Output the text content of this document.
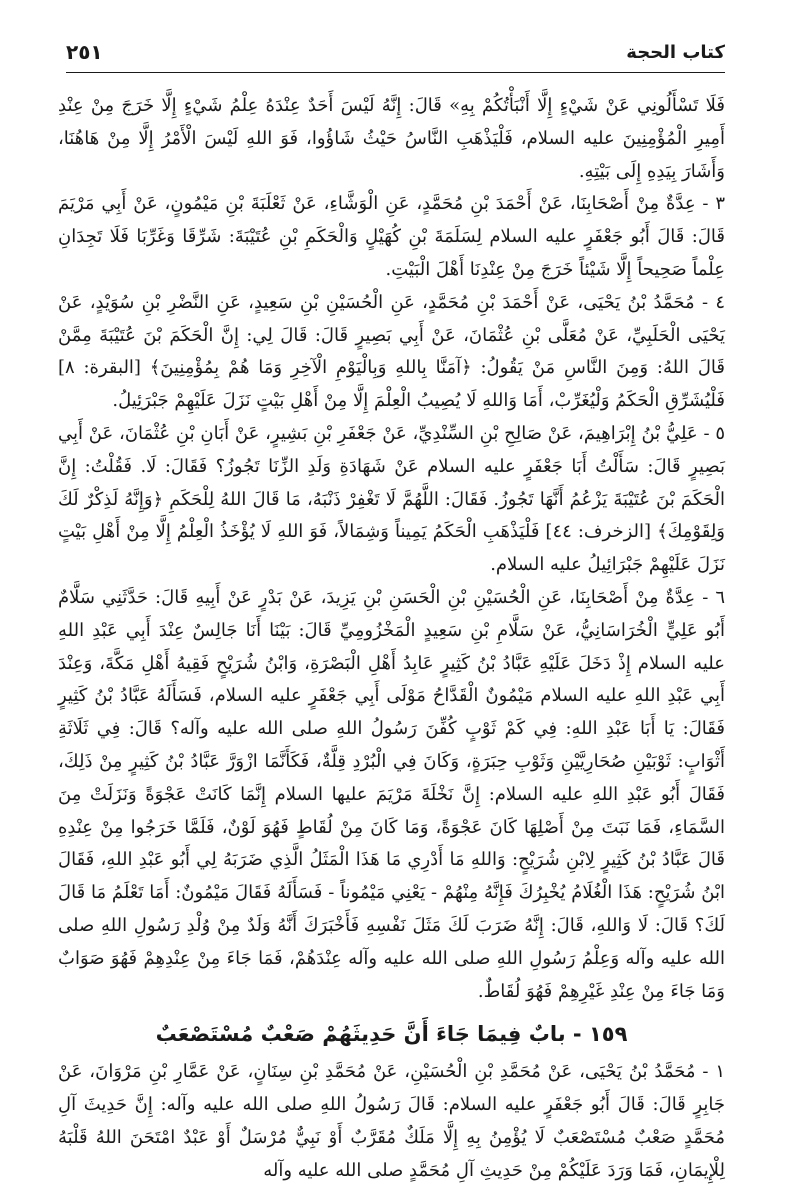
كتاب الحجة
٢٥١

فَلَا تَسْأَلُونِي عَنْ شَيْءٍ إِلَّا أَنْبَأْتُكُمْ بِهِ» قَالَ: إِنَّهُ لَيْسَ أَحَدٌ عِنْدَهُ عِلْمُ شَيْءٍ إِلَّا خَرَجَ مِنْ عِنْدِ أَمِيرِ الْمُؤْمِنِينَ عليه السلام، فَلْيَذْهَبِ النَّاسُ حَيْثُ شَاؤُوا، فَوَ اللهِ لَيْسَ الْأَمْرُ إِلَّا مِنْ هَاهُنَا، وَأَشَارَ بِيَدِهِ إِلَى بَيْتِهِ.

٣ - عِدَّةٌ مِنْ أَصْحَابِنَا، عَنْ أَحْمَدَ بْنِ مُحَمَّدٍ، عَنِ الْوَشَّاءِ، عَنْ ثَعْلَبَةَ بْنِ مَيْمُونٍ، عَنْ أَبِي مَرْيَمَ قَالَ: قَالَ أَبُو جَعْفَرٍ عليه السلام لِسَلَمَةَ بْنِ كُهَيْلٍ وَالْحَكَمِ بْنِ عُتَيْبَةَ: شَرِّقَا وَغَرِّبَا فَلَا تَجِدَانِ عِلْماً صَحِيحاً إِلَّا شَيْئاً خَرَجَ مِنْ عِنْدِنَا أَهْلَ الْبَيْتِ.

٤ - مُحَمَّدُ بْنُ يَحْيَى، عَنْ أَحْمَدَ بْنِ مُحَمَّدٍ، عَنِ الْحُسَيْنِ بْنِ سَعِيدٍ، عَنِ النَّضْرِ بْنِ سُوَيْدٍ، عَنْ يَحْيَى الْحَلَبِيِّ، عَنْ مُعَلَّى بْنِ عُثْمَانَ، عَنْ أَبِي بَصِيرٍ قَالَ: قَالَ لِي: إِنَّ الْحَكَمَ بْنَ عُتَيْبَةَ مِمَّنْ قَالَ اللهُ: وَمِنَ النَّاسِ مَنْ يَقُولُ: ﴿آمَنَّا بِاللهِ وَبِالْيَوْمِ الْآخِرِ وَمَا هُمْ بِمُؤْمِنِينَ﴾ [البقرة: ٨] فَلْيُشَرِّقِ الْحَكَمُ وَلْيُغَرِّبْ، أَمَا وَاللهِ لَا يُصِيبُ الْعِلْمَ إِلَّا مِنْ أَهْلِ بَيْتٍ نَزَلَ عَلَيْهِمْ جَبْرَئِيلُ.

٥ - عَلِيُّ بْنُ إِبْرَاهِيمَ، عَنْ صَالِحِ بْنِ السِّنْدِيِّ، عَنْ جَعْفَرِ بْنِ بَشِيرٍ، عَنْ أَبَانِ بْنِ عُثْمَانَ، عَنْ أَبِي بَصِيرٍ قَالَ: سَأَلْتُ أَبَا جَعْفَرٍ عليه السلام عَنْ شَهَادَةِ وَلَدِ الزِّنَا تَجُوزُ؟ فَقَالَ: لَا. فَقُلْتُ: إِنَّ الْحَكَمَ بْنَ عُتَيْبَةَ يَزْعُمُ أَنَّهَا تَجُوزُ. فَقَالَ: اللَّهُمَّ لَا تَغْفِرْ ذَنْبَهُ، مَا قَالَ اللهُ لِلْحَكَمِ ﴿وَإِنَّهُ لَذِكْرٌ لَكَ وَلِقَوْمِكَ﴾ [الزخرف: ٤٤] فَلْيَذْهَبِ الْحَكَمُ يَمِيناً وَشِمَالاً، فَوَ اللهِ لَا يُؤْخَذُ الْعِلْمُ إِلَّا مِنْ أَهْلِ بَيْتٍ نَزَلَ عَلَيْهِمْ جَبْرَائِيلُ عليه السلام.

٦ - عِدَّةٌ مِنْ أَصْحَابِنَا، عَنِ الْحُسَيْنِ بْنِ الْحَسَنِ بْنِ يَزِيدَ، عَنْ بَدْرٍ عَنْ أَبِيهِ قَالَ: حَدَّثَنِي سَلَّامٌ أَبُو عَلِيٍّ الْخُرَاسَانِيُّ، عَنْ سَلَّامِ بْنِ سَعِيدٍ الْمَخْزُومِيِّ قَالَ: بَيْنَا أَنَا جَالِسٌ عِنْدَ أَبِي عَبْدِ اللهِ عليه السلام إِذْ دَخَلَ عَلَيْهِ عَبَّادُ بْنُ كَثِيرٍ عَابِدُ أَهْلِ الْبَصْرَةِ، وَابْنُ شُرَيْحٍ فَقِيهُ أَهْلِ مَكَّةَ، وَعِنْدَ أَبِي عَبْدِ اللهِ عليه السلام مَيْمُونٌ الْقَدَّاحُ مَوْلَى أَبِي جَعْفَرٍ عليه السلام، فَسَأَلَهُ عَبَّادُ بْنُ كَثِيرٍ فَقَالَ: يَا أَبَا عَبْدِ اللهِ: فِي كَمْ ثَوْبٍ كُفِّنَ رَسُولُ اللهِ صلى الله عليه وآله؟ قَالَ: فِي ثَلَاثَةِ أَثْوَابٍ: ثَوْبَيْنِ صُحَارِيَّيْنِ وَثَوْبِ حِبَرَةٍ، وَكَانَ فِي الْبُرْدِ قِلَّةٌ، فَكَأَنَّمَا ازْوَرَّ عَبَّادُ بْنُ كَثِيرٍ مِنْ ذَلِكَ، فَقَالَ أَبُو عَبْدِ اللهِ عليه السلام: إِنَّ نَخْلَةَ مَرْيَمَ عليها السلام إِنَّمَا كَانَتْ عَجْوَةً وَنَزَلَتْ مِنَ السَّمَاءِ، فَمَا نَبَتَ مِنْ أَصْلِهَا كَانَ عَجْوَةً، وَمَا كَانَ مِنْ لُقَاطٍ فَهُوَ لَوْنٌ، فَلَمَّا خَرَجُوا مِنْ عِنْدِهِ قَالَ عَبَّادُ بْنُ كَثِيرٍ لِابْنِ شُرَيْحٍ: وَاللهِ مَا أَدْرِي مَا هَذَا الْمَثَلُ الَّذِي ضَرَبَهُ لِي أَبُو عَبْدِ اللهِ، فَقَالَ ابْنُ شُرَيْحٍ: هَذَا الْغُلَامُ يُخْبِرُكَ فَإِنَّهُ مِنْهُمْ - يَعْنِي مَيْمُوناً - فَسَأَلَهُ فَقَالَ مَيْمُونٌ: أَمَا تَعْلَمُ مَا قَالَ لَكَ؟ قَالَ: لَا وَاللهِ، قَالَ: إِنَّهُ ضَرَبَ لَكَ مَثَلَ نَفْسِهِ فَأَخْبَرَكَ أَنَّهُ وَلَدٌ مِنْ وُلْدِ رَسُولِ اللهِ صلى الله عليه وآله وَعِلْمُ رَسُولِ اللهِ صلى الله عليه وآله عِنْدَهُمْ، فَمَا جَاءَ مِنْ عِنْدِهِمْ فَهُوَ صَوَابٌ وَمَا جَاءَ مِنْ عِنْدِ غَيْرِهِمْ فَهُوَ لُقَاطٌ.

١٥٩ - بابٌ فِيمَا جَاءَ أَنَّ حَدِيثَهُمْ صَعْبٌ مُسْتَصْعَبٌ

١ - مُحَمَّدُ بْنُ يَحْيَى، عَنْ مُحَمَّدِ بْنِ الْحُسَيْنِ، عَنْ مُحَمَّدِ بْنِ سِنَانٍ، عَنْ عَمَّارِ بْنِ مَرْوَانَ، عَنْ جَابِرٍ قَالَ: قَالَ أَبُو جَعْفَرٍ عليه السلام: قَالَ رَسُولُ اللهِ صلى الله عليه وآله: إِنَّ حَدِيثَ آلِ مُحَمَّدٍ صَعْبٌ مُسْتَصْعَبٌ لَا يُؤْمِنُ بِهِ إِلَّا مَلَكٌ مُقَرَّبٌ أَوْ نَبِيٌّ مُرْسَلٌ أَوْ عَبْدٌ امْتَحَنَ اللهُ قَلْبَهُ لِلْإِيمَانِ، فَمَا وَرَدَ عَلَيْكُمْ مِنْ حَدِيثِ آلِ مُحَمَّدٍ صلى الله عليه وآله
